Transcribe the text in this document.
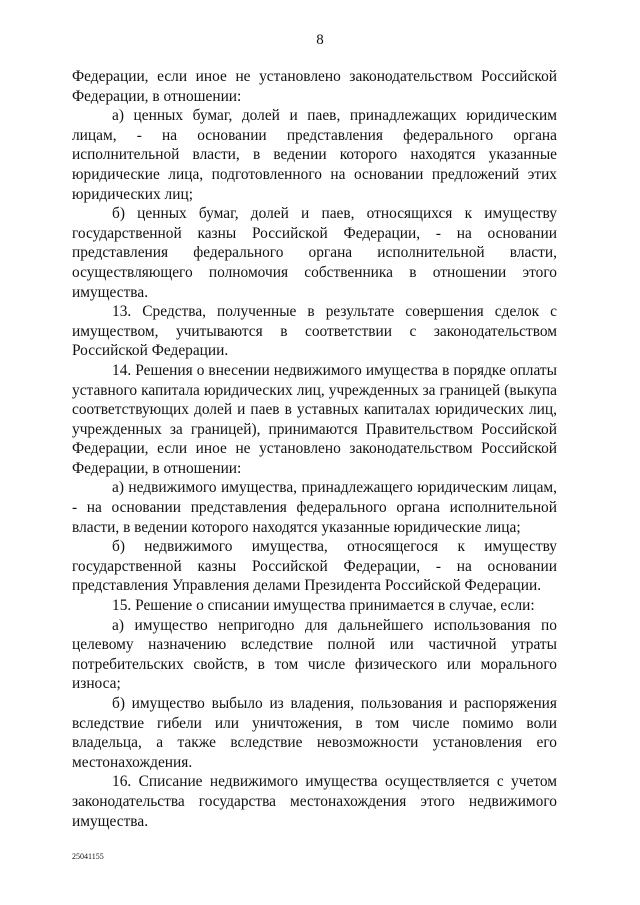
8

Федерации, если иное не установлено законодательством Российской Федерации, в отношении:

а) ценных бумаг, долей и паев, принадлежащих юридическим лицам, - на основании представления федерального органа исполнительной власти, в ведении которого находятся указанные юридические лица, подготовленного на основании предложений этих юридических лиц;

б) ценных бумаг, долей и паев, относящихся к имуществу государственной казны Российской Федерации, - на основании представления федерального органа исполнительной власти, осуществляющего полномочия собственника в отношении этого имущества.

13. Средства, полученные в результате совершения сделок с имуществом, учитываются в соответствии с законодательством Российской Федерации.

14. Решения о внесении недвижимого имущества в порядке оплаты уставного капитала юридических лиц, учрежденных за границей (выкупа соответствующих долей и паев в уставных капиталах юридических лиц, учрежденных за границей), принимаются Правительством Российской Федерации, если иное не установлено законодательством Российской Федерации, в отношении:

а) недвижимого имущества, принадлежащего юридическим лицам, - на основании представления федерального органа исполнительной власти, в ведении которого находятся указанные юридические лица;

б) недвижимого имущества, относящегося к имуществу государственной казны Российской Федерации, - на основании представления Управления делами Президента Российской Федерации.

15. Решение о списании имущества принимается в случае, если:

а) имущество непригодно для дальнейшего использования по целевому назначению вследствие полной или частичной утраты потребительских свойств, в том числе физического или морального износа;

б) имущество выбыло из владения, пользования и распоряжения вследствие гибели или уничтожения, в том числе помимо воли владельца, а также вследствие невозможности установления его местонахождения.

16. Списание недвижимого имущества осуществляется с учетом законодательства государства местонахождения этого недвижимого имущества.

25041155
